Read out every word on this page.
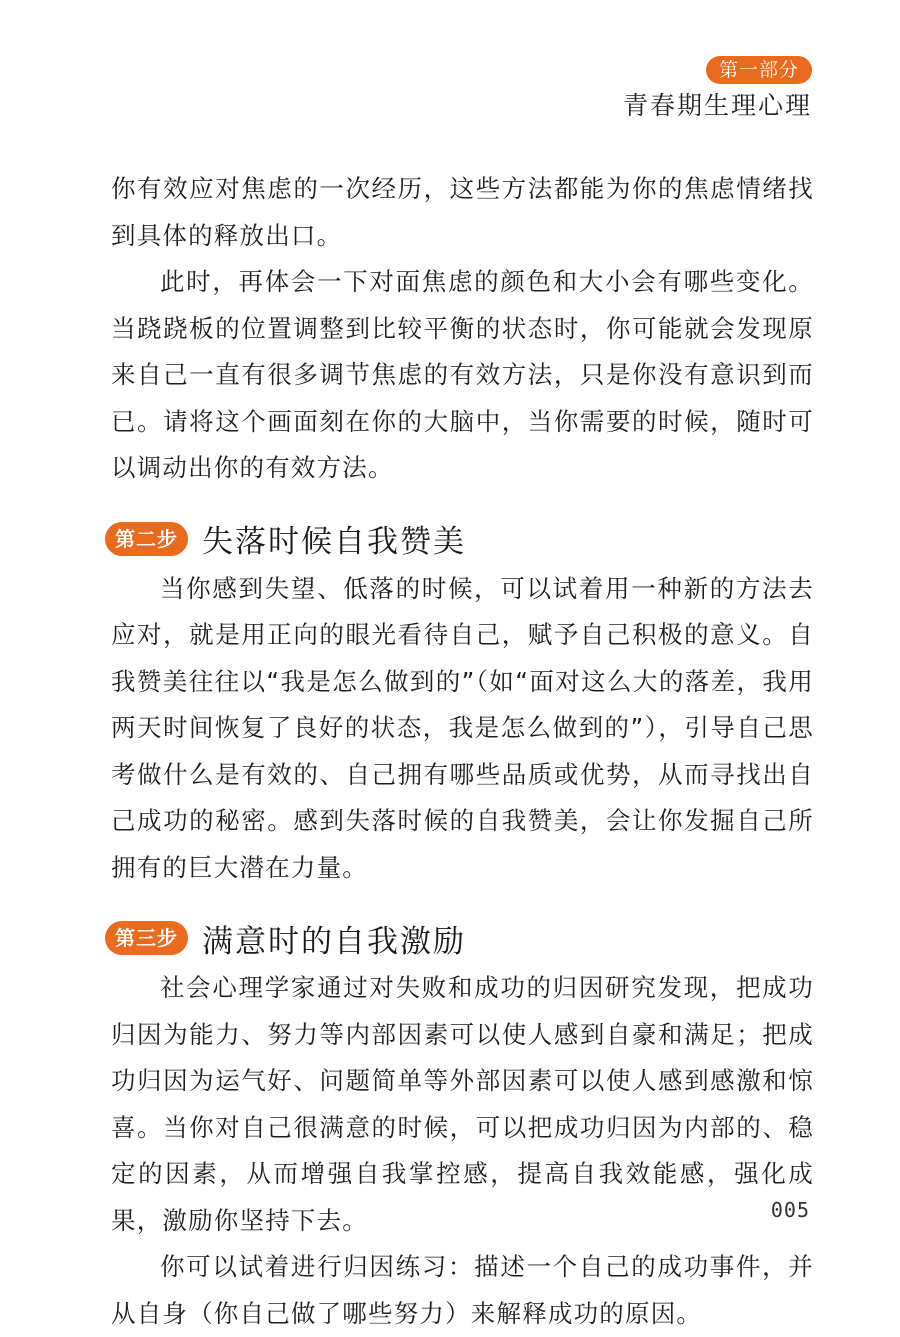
第一部分
青春期生理心理

你有效应对焦虑的一次经历，这些方法都能为你的焦虑情绪找到具体的释放出口。

此时，再体会一下对面焦虑的颜色和大小会有哪些变化。当跷跷板的位置调整到比较平衡的状态时，你可能就会发现原来自己一直有很多调节焦虑的有效方法，只是你没有意识到而已。请将这个画面刻在你的大脑中，当你需要的时候，随时可以调动出你的有效方法。

第二步 失落时候自我赞美

当你感到失望、低落的时候，可以试着用一种新的方法去应对，就是用正向的眼光看待自己，赋予自己积极的意义。自我赞美往往以“我是怎么做到的”（如“面对这么大的落差，我用两天时间恢复了良好的状态，我是怎么做到的”），引导自己思考做什么是有效的、自己拥有哪些品质或优势，从而寻找出自己成功的秘密。感到失落时候的自我赞美，会让你发掘自己所拥有的巨大潜在力量。

第三步 满意时的自我激励

社会心理学家通过对失败和成功的归因研究发现，把成功归因为能力、努力等内部因素可以使人感到自豪和满足；把成功归因为运气好、问题简单等外部因素可以使人感到感激和惊喜。当你对自己很满意的时候，可以把成功归因为内部的、稳定的因素，从而增强自我掌控感，提高自我效能感，强化成果，激励你坚持下去。

你可以试着进行归因练习：描述一个自己的成功事件，并从自身（你自己做了哪些努力）来解释成功的原因。

005
